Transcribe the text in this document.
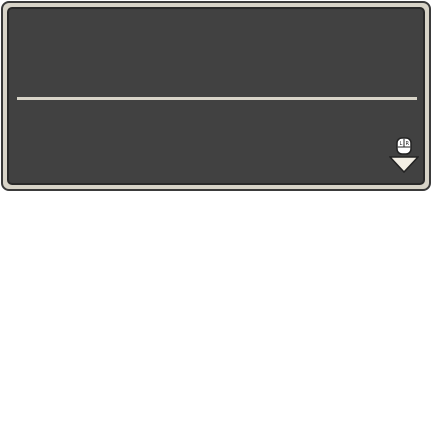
L R
